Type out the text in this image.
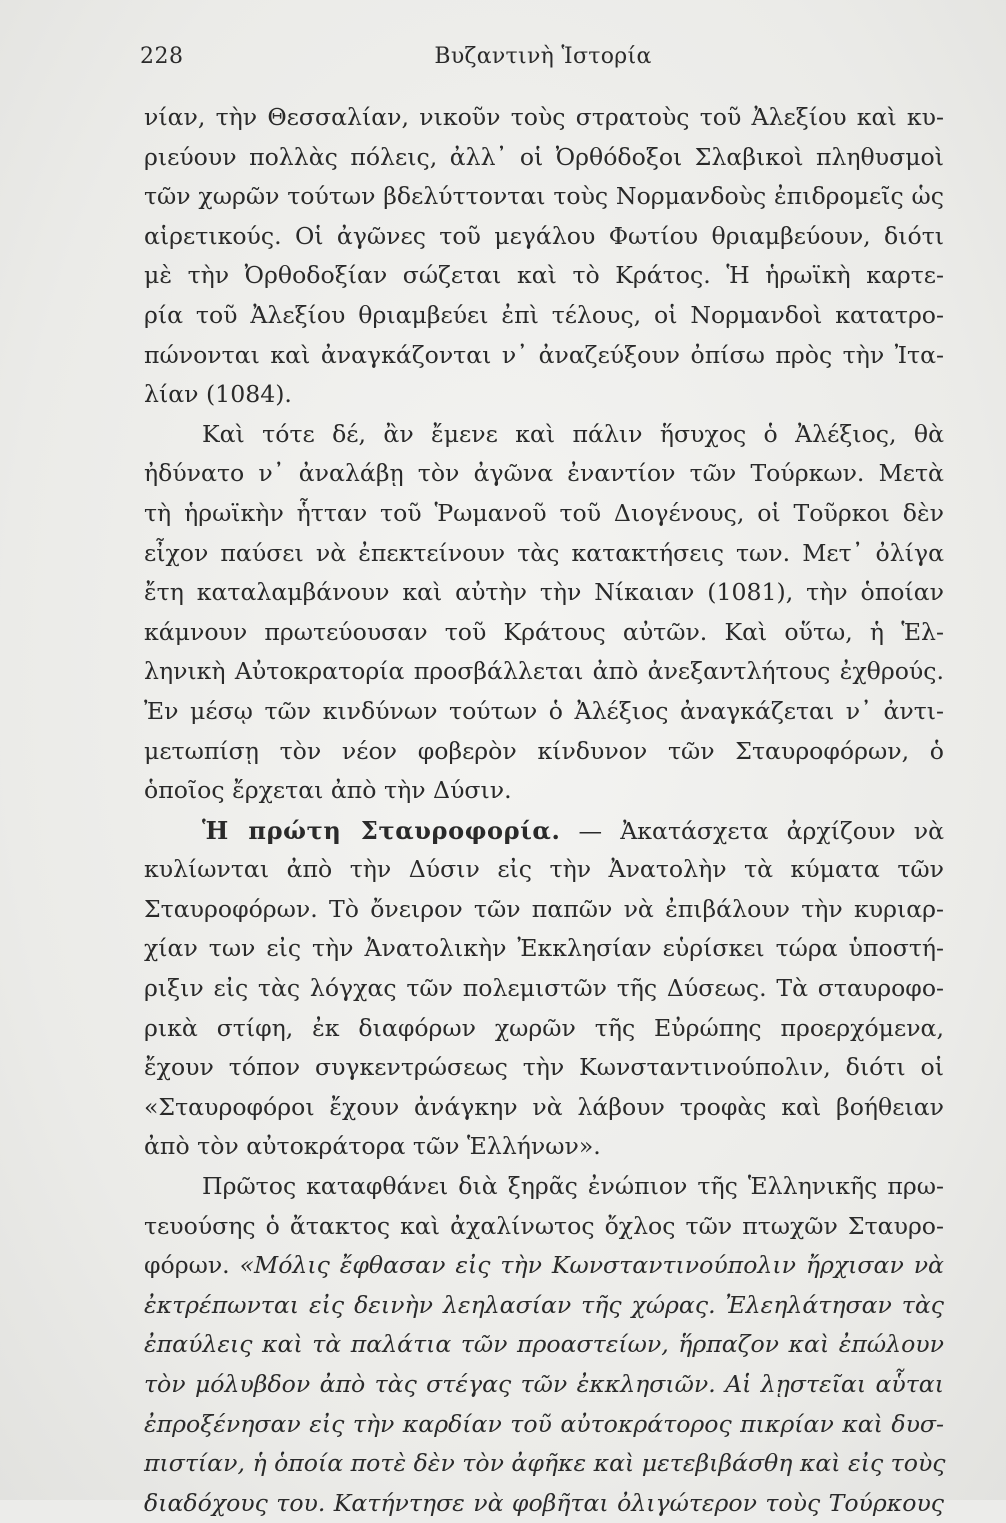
228	Βυζαντινὴ Ἱστορία
νίαν, τὴν Θεσσαλίαν, νικοῦν τοὺς στρατοὺς τοῦ Ἀλεξίου καὶ κυ-
ριεύουν πολλὰς πόλεις, ἀλλ᾽ οἱ Ὀρθόδοξοι Σλαβικοὶ πληθυσμοὶ
τῶν χωρῶν τούτων βδελύττονται τοὺς Νορμανδοὺς ἐπιδρομεῖς ὡς
αἱρετικούς. Οἱ ἀγῶνες τοῦ μεγάλου Φωτίου θριαμβεύουν, διότι
μὲ τὴν Ὀρθοδοξίαν σώζεται καὶ τὸ Κράτος. Ἡ ἡρωϊκὴ καρτε-
ρία τοῦ Ἀλεξίου θριαμβεύει ἐπὶ τέλους, οἱ Νορμανδοὶ κατατρο-
πώνονται καὶ ἀναγκάζονται ν᾽ ἀναζεύξουν ὀπίσω πρὸς τὴν Ἰτα-
λίαν (1084).
Καὶ τότε δέ, ἂν ἔμενε καὶ πάλιν ἥσυχος ὁ Ἀλέξιος, θὰ
ἠδύνατο ν᾽ ἀναλάβῃ τὸν ἀγῶνα ἐναντίον τῶν Τούρκων. Μετὰ
τὴ ἡρωϊκὴν ἧτταν τοῦ Ῥωμανοῦ τοῦ Διογένους, οἱ Τοῦρκοι δὲν
εἶχον παύσει νὰ ἐπεκτείνουν τὰς κατακτήσεις των. Μετ᾽ ὀλίγα
ἔτη καταλαμβάνουν καὶ αὐτὴν τὴν Νίκαιαν (1081), τὴν ὁποίαν
κάμνουν πρωτεύουσαν τοῦ Κράτους αὐτῶν. Καὶ οὕτω, ἡ Ἑλ-
ληνικὴ Αὐτοκρατορία προσβάλλεται ἀπὸ ἀνεξαντλήτους ἐχθρούς.
Ἐν μέσῳ τῶν κινδύνων τούτων ὁ Ἀλέξιος ἀναγκάζεται ν᾽ ἀντι-
μετωπίσῃ τὸν νέον φοβερὸν κίνδυνον τῶν Σταυροφόρων, ὁ
ὁποῖος ἔρχεται ἀπὸ τὴν Δύσιν.
Ἡ πρώτη Σταυροφορία. — Ἀκατάσχετα ἀρχίζουν νὰ
κυλίωνται ἀπὸ τὴν Δύσιν εἰς τὴν Ἀνατολὴν τὰ κύματα τῶν
Σταυροφόρων. Τὸ ὄνειρον τῶν παπῶν νὰ ἐπιβάλουν τὴν κυριαρ-
χίαν των εἰς τὴν Ἀνατολικὴν Ἐκκλησίαν εὑρίσκει τώρα ὑποστή-
ριξιν εἰς τὰς λόγχας τῶν πολεμιστῶν τῆς Δύσεως. Τὰ σταυροφο-
ρικὰ στίφη, ἐκ διαφόρων χωρῶν τῆς Εὐρώπης προερχόμενα,
ἔχουν τόπον συγκεντρώσεως τὴν Κωνσταντινούπολιν, διότι οἱ
«Σταυροφόροι ἔχουν ἀνάγκην νὰ λάβουν τροφὰς καὶ βοήθειαν
ἀπὸ τὸν αὐτοκράτορα τῶν Ἑλλήνων».
Πρῶτος καταφθάνει διὰ ξηρᾶς ἐνώπιον τῆς Ἑλληνικῆς πρω-
τευούσης ὁ ἄτακτος καὶ ἀχαλίνωτος ὄχλος τῶν πτωχῶν Σταυρο-
φόρων. «Μόλις ἔφθασαν εἰς τὴν Κωνσταντινούπολιν ἤρχισαν νὰ
ἐκτρέπωνται εἰς δεινὴν λεηλασίαν τῆς χώρας. Ἐλεηλάτησαν τὰς
ἐπαύλεις καὶ τὰ παλάτια τῶν προαστείων, ἥρπαζον καὶ ἐπώλουν
τὸν μόλυβδον ἀπὸ τὰς στέγας τῶν ἐκκλησιῶν. Αἱ λῃστεῖαι αὗται
ἐπροξένησαν εἰς τὴν καρδίαν τοῦ αὐτοκράτορος πικρίαν καὶ δυσ-
πιστίαν, ἡ ὁποία ποτὲ δὲν τὸν ἀφῆκε καὶ μετεβιβάσθη καὶ εἰς τοὺς
διαδόχους του. Κατήντησε νὰ φοβῆται ὀλιγώτερον τοὺς Τούρκους
